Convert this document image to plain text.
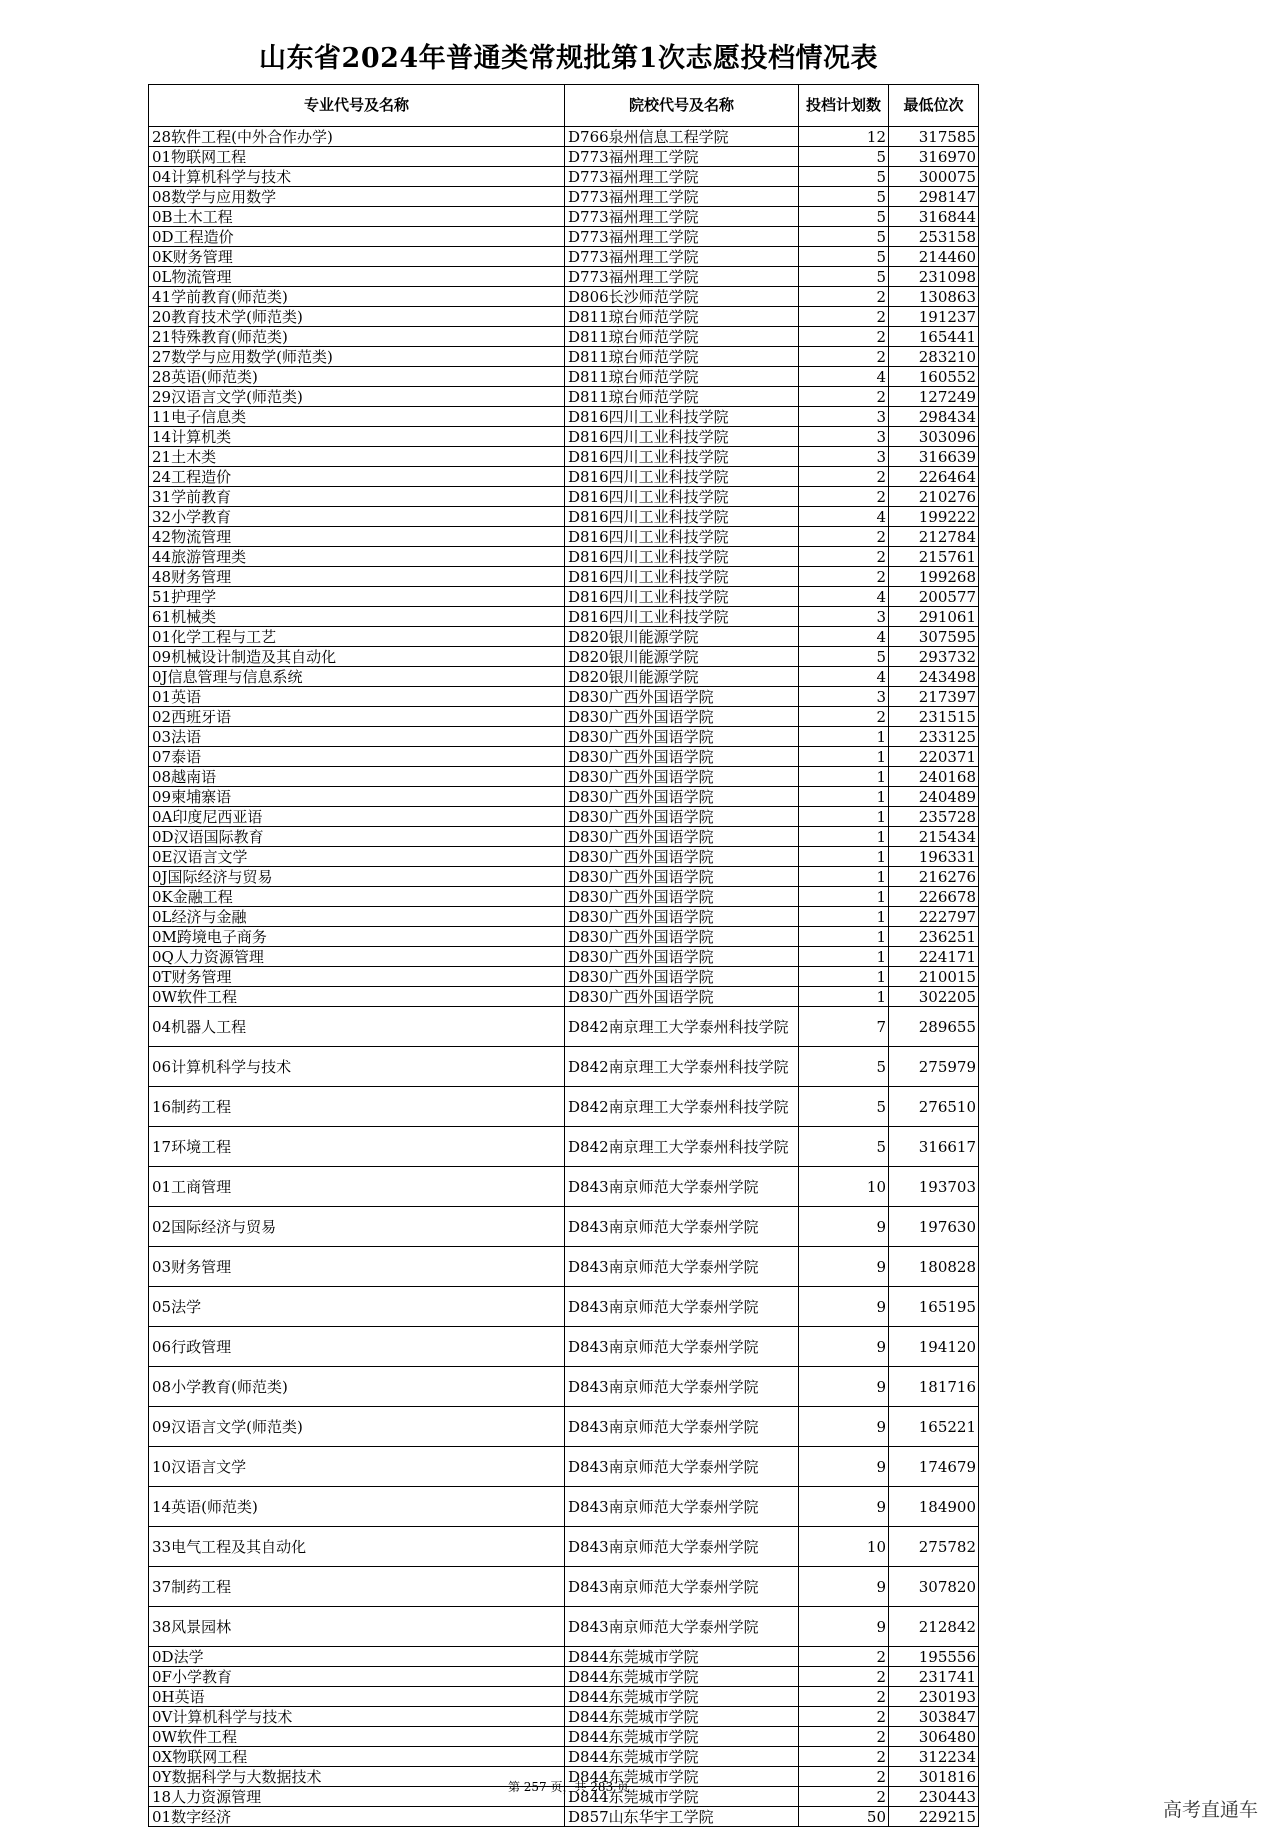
山东省2024年普通类常规批第1次志愿投档情况表
专业代号及名称	院校代号及名称	投档计划数	最低位次
28软件工程(中外合作办学)	D766泉州信息工程学院	12	317585
01物联网工程	D773福州理工学院	5	316970
04计算机科学与技术	D773福州理工学院	5	300075
08数学与应用数学	D773福州理工学院	5	298147
0B土木工程	D773福州理工学院	5	316844
0D工程造价	D773福州理工学院	5	253158
0K财务管理	D773福州理工学院	5	214460
0L物流管理	D773福州理工学院	5	231098
41学前教育(师范类)	D806长沙师范学院	2	130863
20教育技术学(师范类)	D811琼台师范学院	2	191237
21特殊教育(师范类)	D811琼台师范学院	2	165441
27数学与应用数学(师范类)	D811琼台师范学院	2	283210
28英语(师范类)	D811琼台师范学院	4	160552
29汉语言文学(师范类)	D811琼台师范学院	2	127249
11电子信息类	D816四川工业科技学院	3	298434
14计算机类	D816四川工业科技学院	3	303096
21土木类	D816四川工业科技学院	3	316639
24工程造价	D816四川工业科技学院	2	226464
31学前教育	D816四川工业科技学院	2	210276
32小学教育	D816四川工业科技学院	4	199222
42物流管理	D816四川工业科技学院	2	212784
44旅游管理类	D816四川工业科技学院	2	215761
48财务管理	D816四川工业科技学院	2	199268
51护理学	D816四川工业科技学院	4	200577
61机械类	D816四川工业科技学院	3	291061
01化学工程与工艺	D820银川能源学院	4	307595
09机械设计制造及其自动化	D820银川能源学院	5	293732
0J信息管理与信息系统	D820银川能源学院	4	243498
01英语	D830广西外国语学院	3	217397
02西班牙语	D830广西外国语学院	2	231515
03法语	D830广西外国语学院	1	233125
07泰语	D830广西外国语学院	1	220371
08越南语	D830广西外国语学院	1	240168
09柬埔寨语	D830广西外国语学院	1	240489
0A印度尼西亚语	D830广西外国语学院	1	235728
0D汉语国际教育	D830广西外国语学院	1	215434
0E汉语言文学	D830广西外国语学院	1	196331
0J国际经济与贸易	D830广西外国语学院	1	216276
0K金融工程	D830广西外国语学院	1	226678
0L经济与金融	D830广西外国语学院	1	222797
0M跨境电子商务	D830广西外国语学院	1	236251
0Q人力资源管理	D830广西外国语学院	1	224171
0T财务管理	D830广西外国语学院	1	210015
0W软件工程	D830广西外国语学院	1	302205
04机器人工程	D842南京理工大学泰州科技学院	7	289655
06计算机科学与技术	D842南京理工大学泰州科技学院	5	275979
16制药工程	D842南京理工大学泰州科技学院	5	276510
17环境工程	D842南京理工大学泰州科技学院	5	316617
01工商管理	D843南京师范大学泰州学院	10	193703
02国际经济与贸易	D843南京师范大学泰州学院	9	197630
03财务管理	D843南京师范大学泰州学院	9	180828
05法学	D843南京师范大学泰州学院	9	165195
06行政管理	D843南京师范大学泰州学院	9	194120
08小学教育(师范类)	D843南京师范大学泰州学院	9	181716
09汉语言文学(师范类)	D843南京师范大学泰州学院	9	165221
10汉语言文学	D843南京师范大学泰州学院	9	174679
14英语(师范类)	D843南京师范大学泰州学院	9	184900
33电气工程及其自动化	D843南京师范大学泰州学院	10	275782
37制药工程	D843南京师范大学泰州学院	9	307820
38风景园林	D843南京师范大学泰州学院	9	212842
0D法学	D844东莞城市学院	2	195556
0F小学教育	D844东莞城市学院	2	231741
0H英语	D844东莞城市学院	2	230193
0V计算机科学与技术	D844东莞城市学院	2	303847
0W软件工程	D844东莞城市学院	2	306480
0X物联网工程	D844东莞城市学院	2	312234
0Y数据科学与大数据技术	D844东莞城市学院	2	301816
18人力资源管理	D844东莞城市学院	2	230443
01数字经济	D857山东华宇工学院	50	229215
第 257 页，共 283 页
高考直通车
